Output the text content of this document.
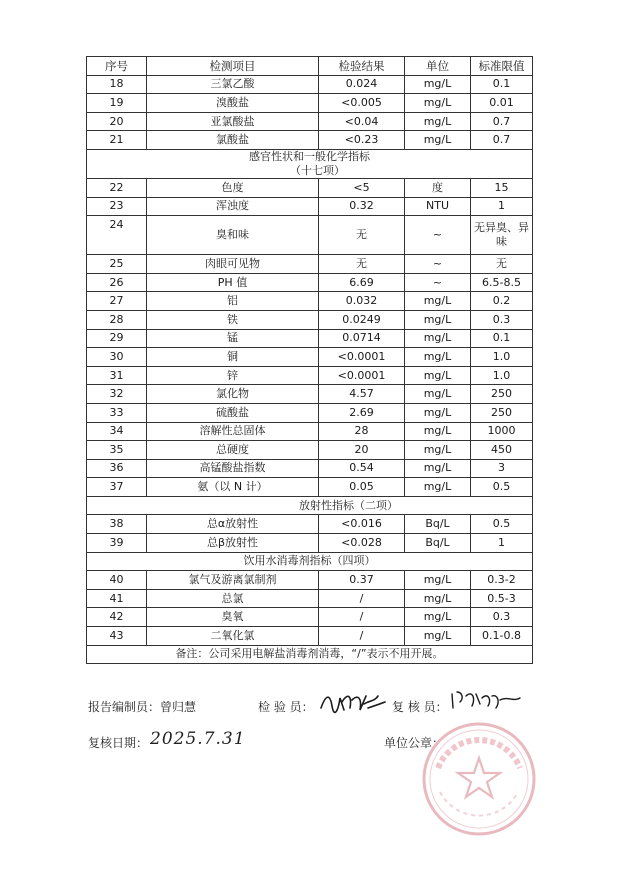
序号	检测项目	检验结果	单位	标准限值
18	三氯乙酸	0.024	mg/L	0.1
19	溴酸盐	<0.005	mg/L	0.01
20	亚氯酸盐	<0.04	mg/L	0.7
21	氯酸盐	<0.23	mg/L	0.7

感官性状和一般化学指标
（十七项）				

22	色度	<5	度	15
23	浑浊度	0.32	NTU	1
24	臭和味	无	~	无异臭、异味
25	肉眼可见物	无	~	无
26	PH 值	6.69	~	6.5-8.5
27	铝	0.032	mg/L	0.2
28	铁	0.0249	mg/L	0.3
29	锰	0.0714	mg/L	0.1
30	铜	<0.0001	mg/L	1.0
31	锌	<0.0001	mg/L	1.0
32	氯化物	4.57	mg/L	250
33	硫酸盐	2.69	mg/L	250
34	溶解性总固体	28	mg/L	1000
35	总硬度	20	mg/L	450
36	高锰酸盐指数	0.54	mg/L	3
37	氨（以 N 计）	0.05	mg/L	0.5
放射性指标（二项）				
38	总α放射性	<0.016	Bq/L	0.5
39	总β放射性	<0.028	Bq/L	1
饮用水消毒剂指标（四项）				
40	氯气及游离氯制剂	0.37	mg/L	0.3-2
41	总氯	/	mg/L	0.5-3
42	臭氧	/	mg/L	0.3
43	二氧化氯	/	mg/L	0.1-0.8
备注：公司采用电解盐消毒剂消毒，“/”表示不用开展。				
报告编制员：曾归慧	检 验 员：	复 核 员：
复核日期： 2025.7.31	单位公章：
